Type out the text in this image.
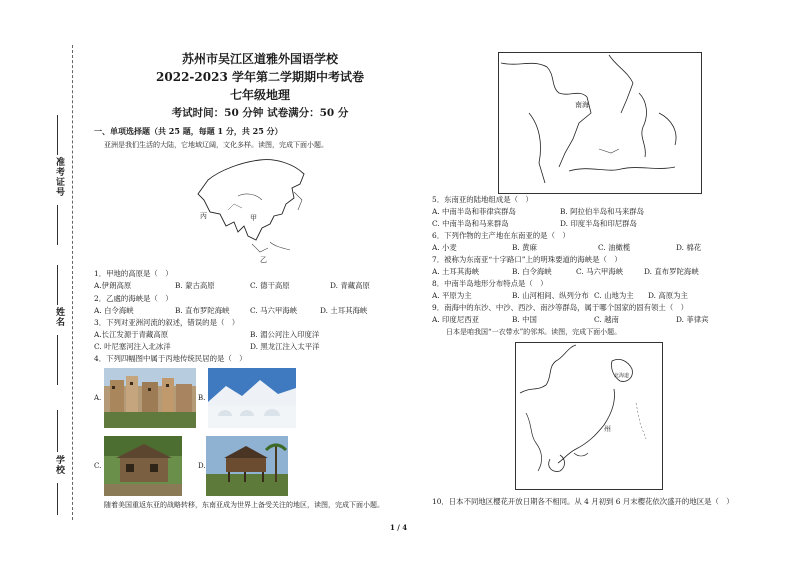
准考证号
姓名
学校
苏州市吴江区道雅外国语学校
2022-2023 学年第二学期期中考试卷
七年级地理
考试时间：50 分钟 试卷满分：50 分
一、单项选择题（共 25 题，每题 1 分，共 25 分）
亚洲是我们生活的大陆，它地域辽阔，文化多样。读图，完成下面小题。
丙	甲
乙
1．甲地的高原是（　）
A.伊朗高原	B. 蒙古高原	C. 德干高原	D. 青藏高原
2．乙處的海峡是（　）
A. 白令海峡	B. 直布罗陀海峡	C. 马六甲海峡	D. 土耳其海峡
3．下列对亚洲河流的叙述，错误的是（　）
A.长江发源于青藏高原	B. 湄公河注入印度洋
C. 叶尼塞河注入北冰洋	D. 黑龙江注入太平洋
4．下列四幅图中属于丙地传统民居的是（　）
A.	B.
C.	D.
随着美国重返东亚的战略转移，东南亚成为世界上备受关注的地区，读图，完成下面小题。
南海
5．东南亚的陆地组成是（　）
A. 中南半岛和菲律宾群岛	B. 阿拉伯半岛和马来群岛
C. 中南半岛和马来群岛	D. 印度半岛和印尼群岛
6．下列作物的主产地在东南亚的是（　）
A. 小麦	B. 黄麻	C. 油橄榄	D. 棉花
7．被称为东南亚“十字路口”上的明珠要道的海峡是（　）
A. 土耳其海峡	B. 白令海峡	C. 马六甲海峡	D. 直布罗陀海峡
8．中南半岛地形分布特点是（　）
A. 平原为主	B. 山河相间、纵列分布 C. 山地为主 D. 高原为主
9．南海中的东沙、中沙、西沙、南沙等群岛，属于哪个国家的固有领土（　）
A. 印度尼西亚	B. 中国	C. 越南	D. 菲律宾
日本是咱我国“一衣带水”的邻邦。读图，完成下面小题。
北海道
州
10．日本不同地区樱花开放日期各不相同。从 4 月初到 6 月末樱花依次盛开的地区是（　）
1 / 4
